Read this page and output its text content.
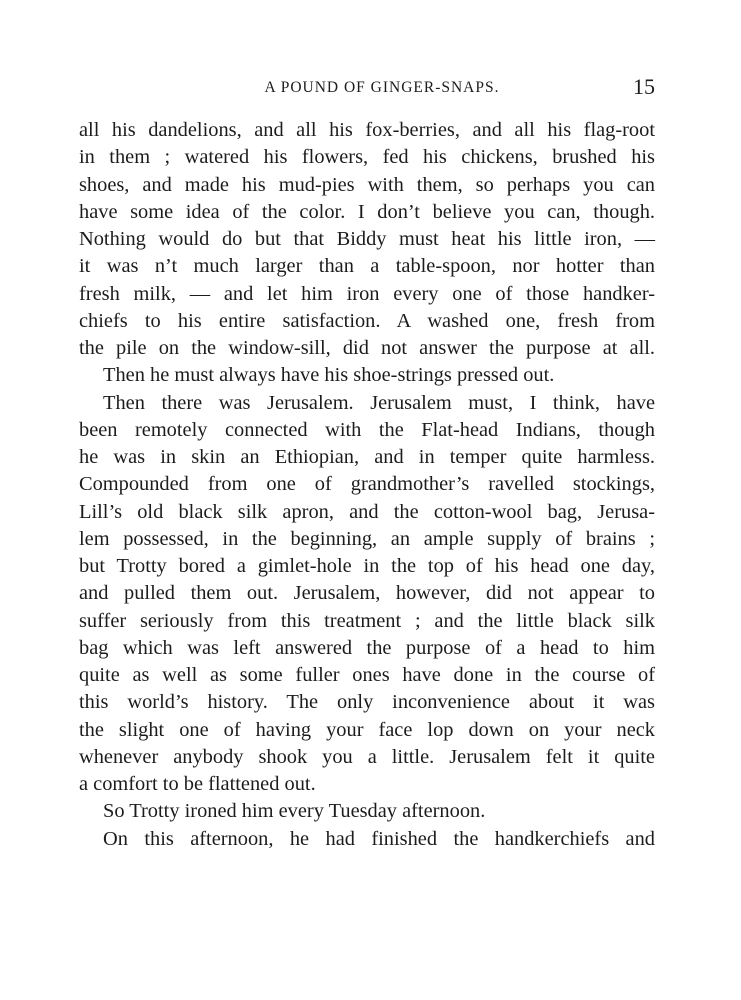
A POUND OF GINGER-SNAPS.	15
all his dandelions, and all his fox-berries, and all his flag-root
in them ; watered his flowers, fed his chickens, brushed his
shoes, and made his mud-pies with them, so perhaps you can
have some idea of the color. I don’t believe you can, though.
Nothing would do but that Biddy must heat his little iron, —
it was n’t much larger than a table-spoon, nor hotter than
fresh milk, — and let him iron every one of those handker-
chiefs to his entire satisfaction. A washed one, fresh from
the pile on the window-sill, did not answer the purpose at all.
Then he must always have his shoe-strings pressed out.
Then there was Jerusalem. Jerusalem must, I think, have
been remotely connected with the Flat-head Indians, though
he was in skin an Ethiopian, and in temper quite harmless.
Compounded from one of grandmother’s ravelled stockings,
Lill’s old black silk apron, and the cotton-wool bag, Jerusa-
lem possessed, in the beginning, an ample supply of brains ;
but Trotty bored a gimlet-hole in the top of his head one day,
and pulled them out. Jerusalem, however, did not appear to
suffer seriously from this treatment ; and the little black silk
bag which was left answered the purpose of a head to him
quite as well as some fuller ones have done in the course of
this world’s history. The only inconvenience about it was
the slight one of having your face lop down on your neck
whenever anybody shook you a little. Jerusalem felt it quite
a comfort to be flattened out.
So Trotty ironed him every Tuesday afternoon.
On this afternoon, he had finished the handkerchiefs and
